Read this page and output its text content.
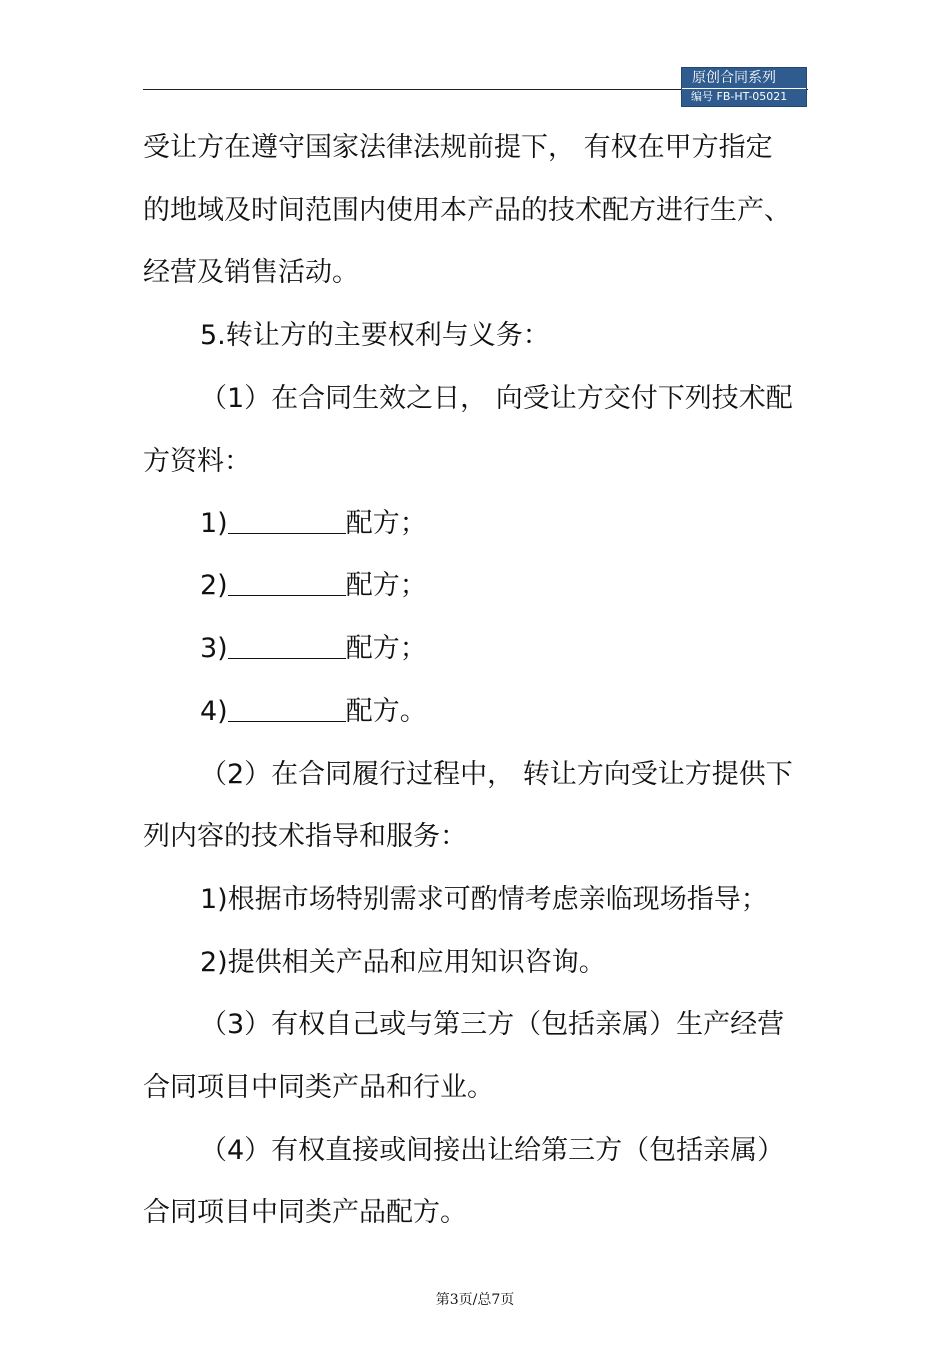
原创合同系列
编号 FB-HT-05021
受让方在遵守国家法律法规前提下， 有权在甲方指定
的地域及时间范围内使用本产品的技术配方进行生产、
经营及销售活动。
5.转让方的主要权利与义务：
（1）在合同生效之日， 向受让方交付下列技术配
方资料：
1)	配方；
2)	配方；
3)	配方；
4)	配方。
（2）在合同履行过程中， 转让方向受让方提供下
列内容的技术指导和服务：
1)根据市场特别需求可酌情考虑亲临现场指导；
2)提供相关产品和应用知识咨询。
（3）有权自己或与第三方（包括亲属）生产经营
合同项目中同类产品和行业。
（4）有权直接或间接出让给第三方（包括亲属）
合同项目中同类产品配方。
第3页/总7页
